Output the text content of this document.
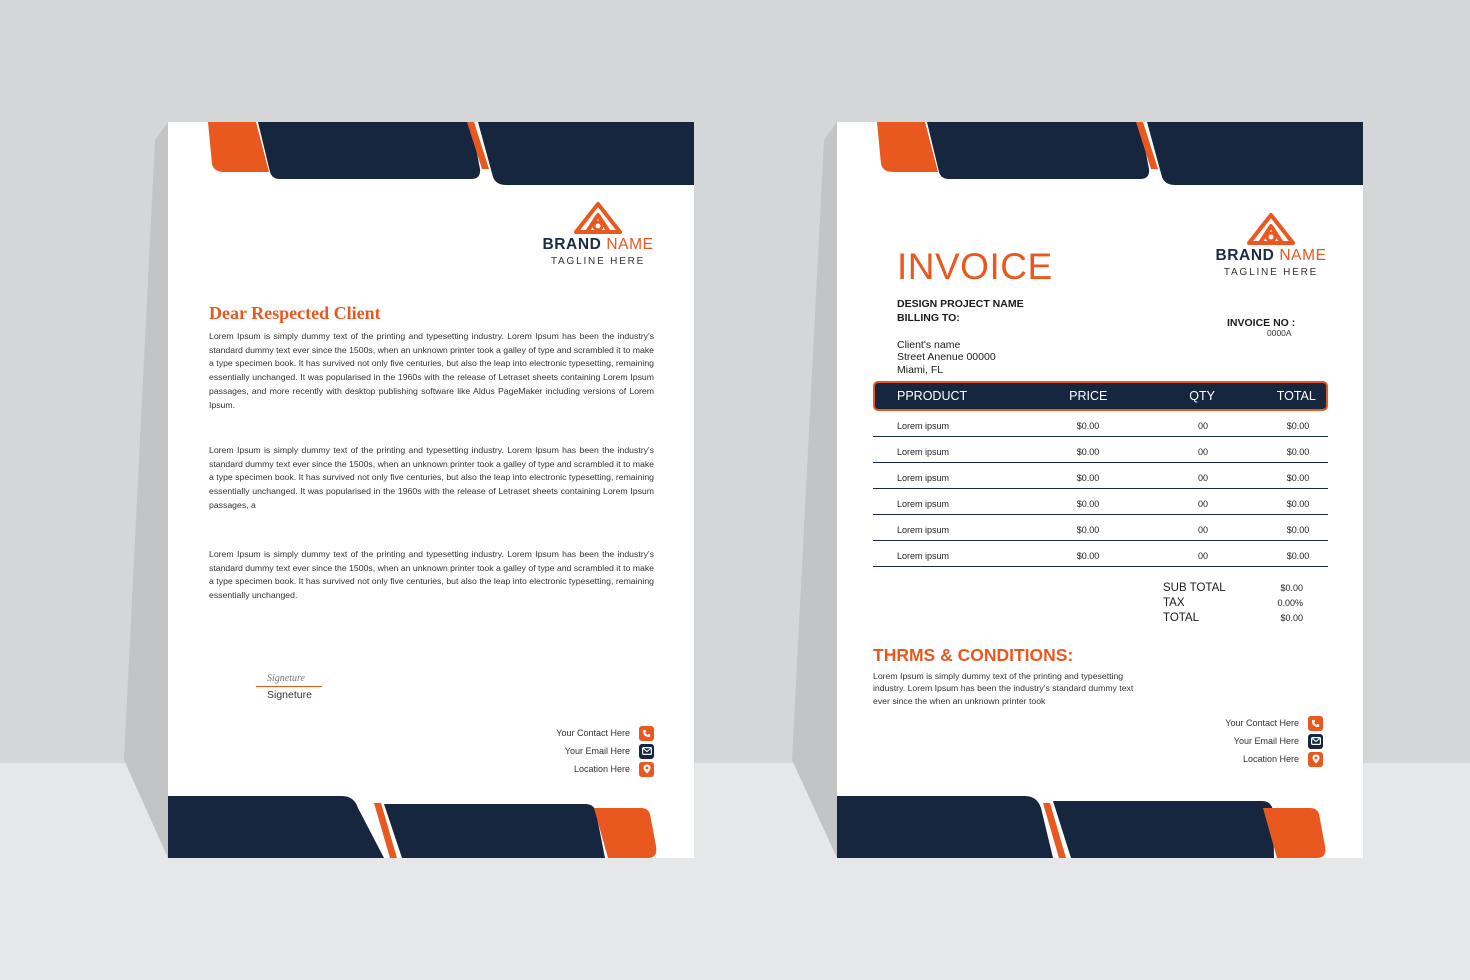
BRAND NAME
TAGLINE HERE
Dear Respected Client
Lorem Ipsum is simply dummy text of the printing and typesetting industry. Lorem Ipsum has been the industry's standard dummy text ever since the 1500s, when an unknown printer took a galley of type and scrambled it to make a type specimen book. It has survived not only five centuries, but also the leap into electronic typesetting, remaining essentially unchanged. It was popularised in the 1960s with the release of Letraset sheets containing Lorem Ipsum passages, and more recently with desktop publishing software like Aldus PageMaker including versions of Lorem Ipsum.
Lorem Ipsum is simply dummy text of the printing and typesetting industry. Lorem Ipsum has been the industry's standard dummy text ever since the 1500s, when an unknown printer took a galley of type and scrambled it to make a type specimen book. It has survived not only five centuries, but also the leap into electronic typesetting, remaining essentially unchanged. It was popularised in the 1960s with the release of Letraset sheets containing Lorem Ipsum passages, a
Lorem Ipsum is simply dummy text of the printing and typesetting industry. Lorem Ipsum has been the industry's standard dummy text ever since the 1500s, when an unknown printer took a galley of type and scrambled it to make a type specimen book. It has survived not only five centuries, but also the leap into electronic typesetting, remaining essentially unchanged.
Signeture
Signeture
Your Contact Here
Your Email Here
Location Here
BRAND NAME
TAGLINE HERE
INVOICE
DESIGN PROJECT NAME
BILLING TO:
Client's name
Street Anenue 00000
Miami, FL
INVOICE NO :
0000A
PPRODUCT	PRICE	QTY	TOTAL
Lorem ipsum	$0.00	00	$0.00
Lorem ipsum	$0.00	00	$0.00
Lorem ipsum	$0.00	00	$0.00
Lorem ipsum	$0.00	00	$0.00
Lorem ipsum	$0.00	00	$0.00
Lorem ipsum	$0.00	00	$0.00
SUB TOTAL	$0.00
TAX	0.00%
TOTAL	$0.00
THRMS & CONDITIONS:
Lorem Ipsum is simply dummy text of the printing and typesetting industry. Lorem Ipsum has been the industry's standard dummy text ever since the when an unknown printer took
Your Contact Here
Your Email Here
Location Here
